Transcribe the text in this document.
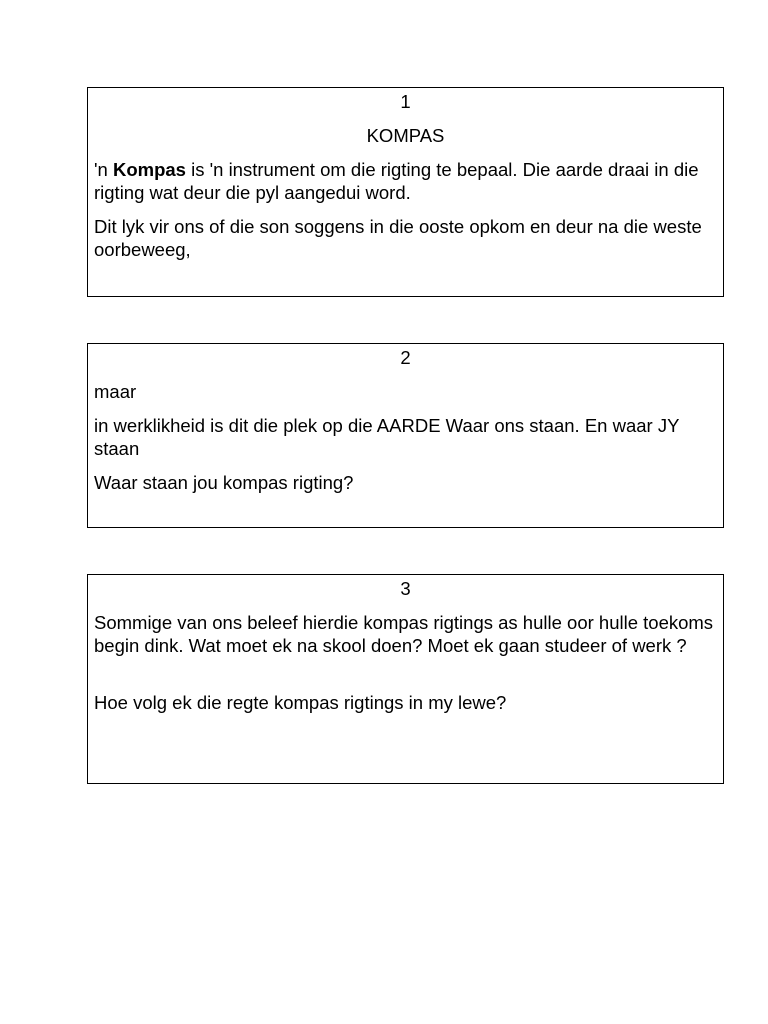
1
KOMPAS

'n Kompas is 'n instrument om die rigting te bepaal. Die aarde draai in die rigting wat deur die pyl aangedui word.

Dit lyk vir ons of die son soggens in die ooste opkom en deur na die weste oorbeweeg,

2

maar

in werklikheid is dit die plek op die AARDE Waar ons staan. En waar JY staan

Waar staan jou kompas rigting?

3

Sommige van ons beleef hierdie kompas rigtings as hulle oor hulle toekoms begin dink. Wat moet ek na skool doen? Moet ek gaan studeer of werk ?

Hoe volg ek die regte kompas rigtings in my lewe?
